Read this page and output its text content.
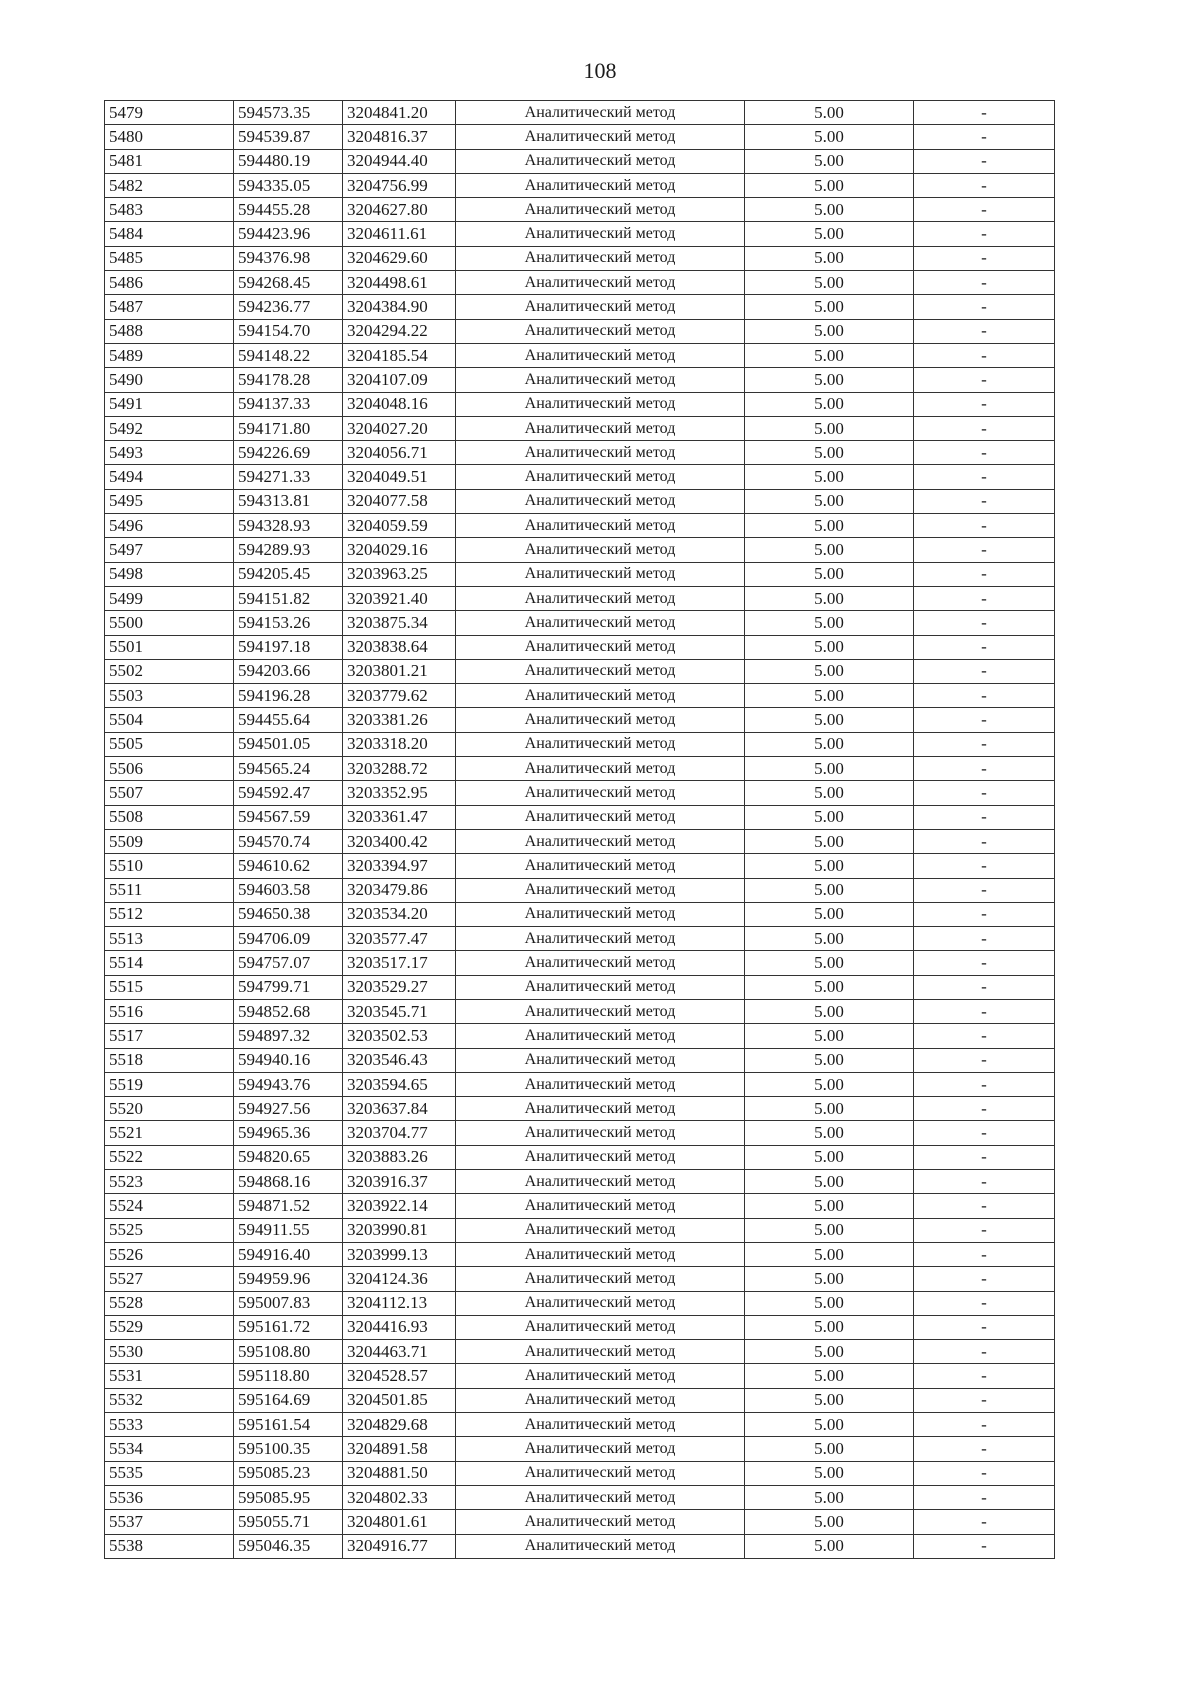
108
5479	594573.35	3204841.20	Аналитический метод	5.00	-
5480	594539.87	3204816.37	Аналитический метод	5.00	-
5481	594480.19	3204944.40	Аналитический метод	5.00	-
5482	594335.05	3204756.99	Аналитический метод	5.00	-
5483	594455.28	3204627.80	Аналитический метод	5.00	-
5484	594423.96	3204611.61	Аналитический метод	5.00	-
5485	594376.98	3204629.60	Аналитический метод	5.00	-
5486	594268.45	3204498.61	Аналитический метод	5.00	-
5487	594236.77	3204384.90	Аналитический метод	5.00	-
5488	594154.70	3204294.22	Аналитический метод	5.00	-
5489	594148.22	3204185.54	Аналитический метод	5.00	-
5490	594178.28	3204107.09	Аналитический метод	5.00	-
5491	594137.33	3204048.16	Аналитический метод	5.00	-
5492	594171.80	3204027.20	Аналитический метод	5.00	-
5493	594226.69	3204056.71	Аналитический метод	5.00	-
5494	594271.33	3204049.51	Аналитический метод	5.00	-
5495	594313.81	3204077.58	Аналитический метод	5.00	-
5496	594328.93	3204059.59	Аналитический метод	5.00	-
5497	594289.93	3204029.16	Аналитический метод	5.00	-
5498	594205.45	3203963.25	Аналитический метод	5.00	-
5499	594151.82	3203921.40	Аналитический метод	5.00	-
5500	594153.26	3203875.34	Аналитический метод	5.00	-
5501	594197.18	3203838.64	Аналитический метод	5.00	-
5502	594203.66	3203801.21	Аналитический метод	5.00	-
5503	594196.28	3203779.62	Аналитический метод	5.00	-
5504	594455.64	3203381.26	Аналитический метод	5.00	-
5505	594501.05	3203318.20	Аналитический метод	5.00	-
5506	594565.24	3203288.72	Аналитический метод	5.00	-
5507	594592.47	3203352.95	Аналитический метод	5.00	-
5508	594567.59	3203361.47	Аналитический метод	5.00	-
5509	594570.74	3203400.42	Аналитический метод	5.00	-
5510	594610.62	3203394.97	Аналитический метод	5.00	-
5511	594603.58	3203479.86	Аналитический метод	5.00	-
5512	594650.38	3203534.20	Аналитический метод	5.00	-
5513	594706.09	3203577.47	Аналитический метод	5.00	-
5514	594757.07	3203517.17	Аналитический метод	5.00	-
5515	594799.71	3203529.27	Аналитический метод	5.00	-
5516	594852.68	3203545.71	Аналитический метод	5.00	-
5517	594897.32	3203502.53	Аналитический метод	5.00	-
5518	594940.16	3203546.43	Аналитический метод	5.00	-
5519	594943.76	3203594.65	Аналитический метод	5.00	-
5520	594927.56	3203637.84	Аналитический метод	5.00	-
5521	594965.36	3203704.77	Аналитический метод	5.00	-
5522	594820.65	3203883.26	Аналитический метод	5.00	-
5523	594868.16	3203916.37	Аналитический метод	5.00	-
5524	594871.52	3203922.14	Аналитический метод	5.00	-
5525	594911.55	3203990.81	Аналитический метод	5.00	-
5526	594916.40	3203999.13	Аналитический метод	5.00	-
5527	594959.96	3204124.36	Аналитический метод	5.00	-
5528	595007.83	3204112.13	Аналитический метод	5.00	-
5529	595161.72	3204416.93	Аналитический метод	5.00	-
5530	595108.80	3204463.71	Аналитический метод	5.00	-
5531	595118.80	3204528.57	Аналитический метод	5.00	-
5532	595164.69	3204501.85	Аналитический метод	5.00	-
5533	595161.54	3204829.68	Аналитический метод	5.00	-
5534	595100.35	3204891.58	Аналитический метод	5.00	-
5535	595085.23	3204881.50	Аналитический метод	5.00	-
5536	595085.95	3204802.33	Аналитический метод	5.00	-
5537	595055.71	3204801.61	Аналитический метод	5.00	-
5538	595046.35	3204916.77	Аналитический метод	5.00	-
